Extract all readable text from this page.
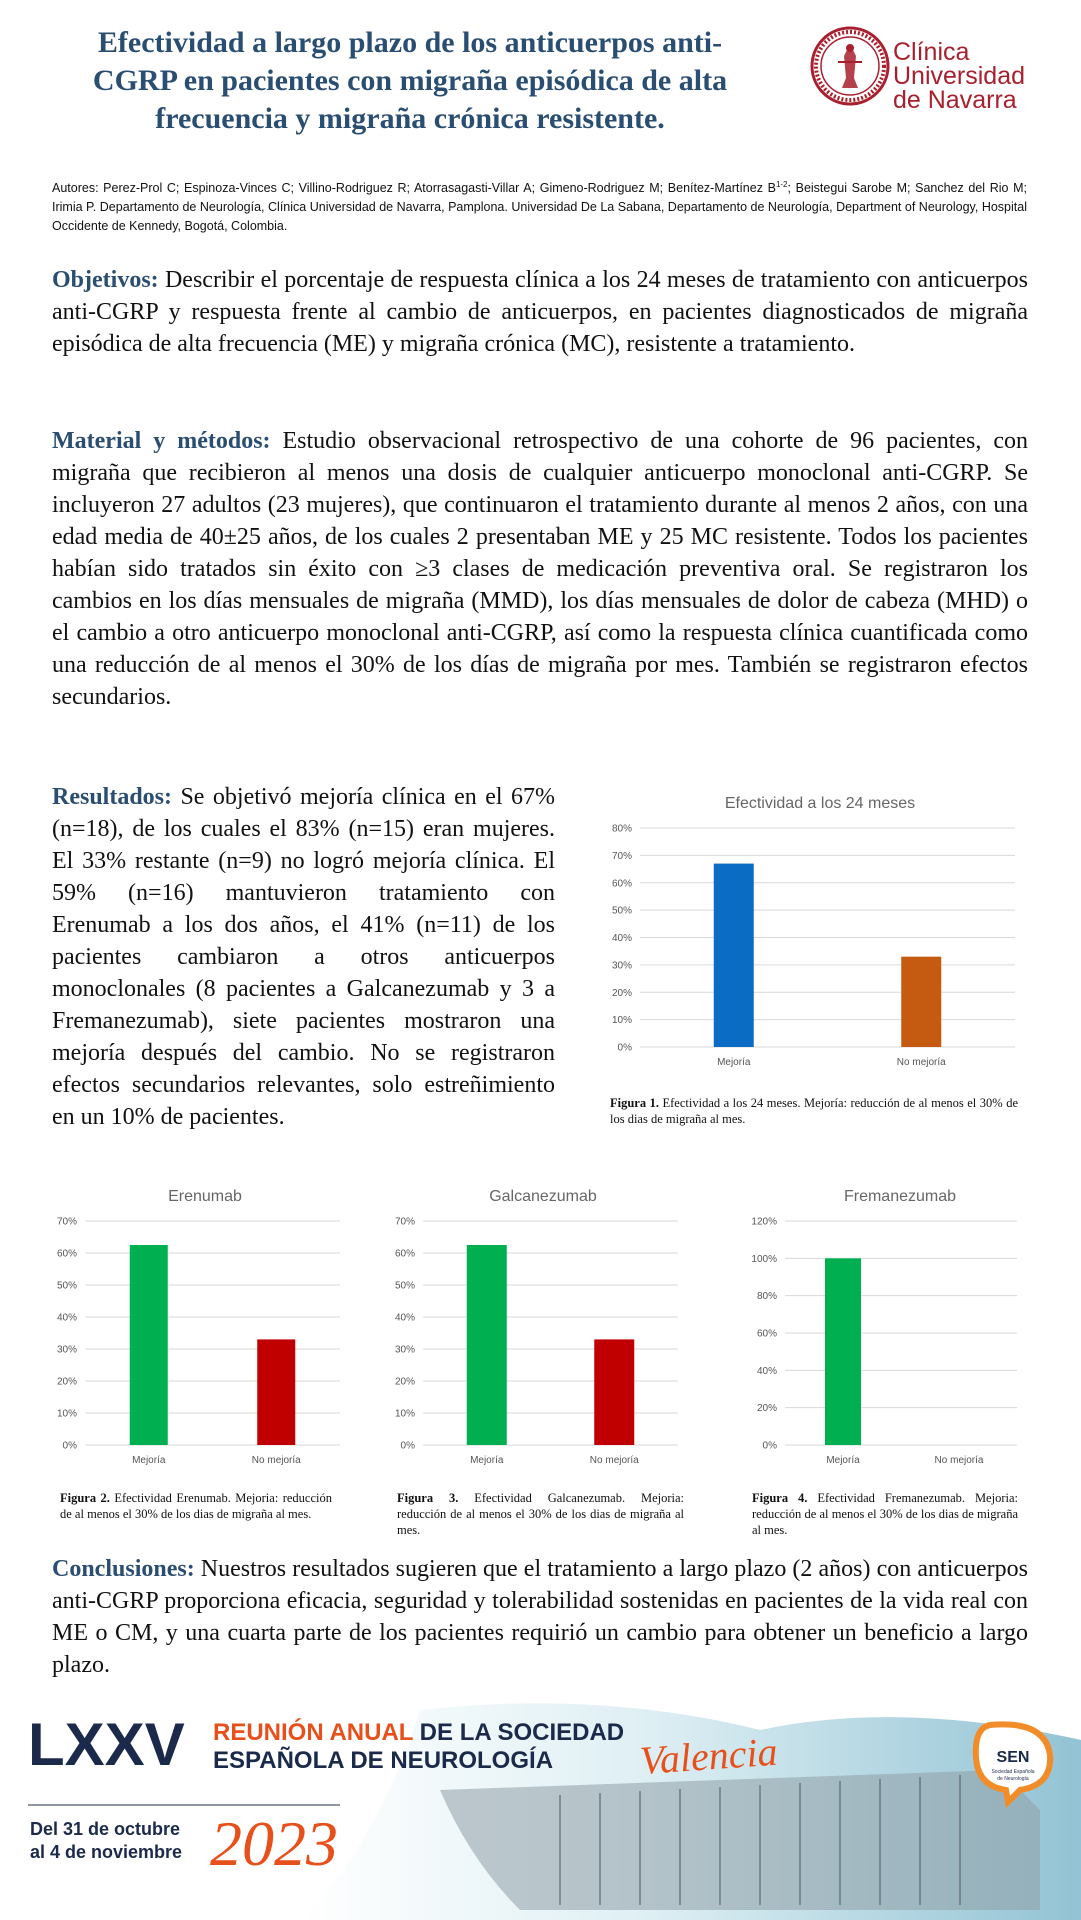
Efectividad a largo plazo de los anticuerpos anti-CGRP en pacientes con migraña episódica de alta frecuencia y migraña crónica resistente.
Clínica
Universidad
de Navarra
Autores: Perez-Prol C; Espinoza-Vinces C; Villino-Rodriguez R; Atorrasagasti-Villar A; Gimeno-Rodriguez M; Benítez-Martínez $B^{1-2}$; Beistegui Sarobe M; Sanchez del Rio M; Irimia P. Departamento de Neurología, Clínica Universidad de Navarra, Pamplona. Universidad De La Sabana, Departamento de Neurología, Department of Neurology, Hospital Occidente de Kennedy, Bogotá, Colombia.
Objetivos: Describir el porcentaje de respuesta clínica a los 24 meses de tratamiento con anticuerpos anti-CGRP y respuesta frente al cambio de anticuerpos, en pacientes diagnosticados de migraña episódica de alta frecuencia (ME) y migraña crónica (MC), resistente a tratamiento.
Material y métodos: Estudio observacional retrospectivo de una cohorte de 96 pacientes, con migraña que recibieron al menos una dosis de cualquier anticuerpo monoclonal anti-CGRP. Se incluyeron 27 adultos (23 mujeres), que continuaron el tratamiento durante al menos 2 años, con una edad media de 40±25 años, de los cuales 2 presentaban ME y 25 MC resistente. Todos los pacientes habían sido tratados sin éxito con ≥3 clases de medicación preventiva oral. Se registraron los cambios en los días mensuales de migraña (MMD), los días mensuales de dolor de cabeza (MHD) o el cambio a otro anticuerpo monoclonal anti-CGRP, así como la respuesta clínica cuantificada como una reducción de al menos el 30% de los días de migraña por mes. También se registraron efectos secundarios.
Resultados: Se objetivó mejoría clínica en el 67% (n=18), de los cuales el 83% (n=15) eran mujeres. El 33% restante (n=9) no logró mejoría clínica. El 59% (n=16) mantuvieron tratamiento con Erenumab a los dos años, el 41% (n=11) de los pacientes cambiaron a otros anticuerpos monoclonales (8 pacientes a Galcanezumab y 3 a Fremanezumab), siete pacientes mostraron una mejoría después del cambio. No se registraron efectos secundarios relevantes, solo estreñimiento en un 10% de pacientes.
Efectividad a los 24 meses
0%
10%
20%
30%
40%
50%
60%
70%
80%
Mejoría	No mejoría
Figura 1. Efectividad a los 24 meses. Mejoría: reducción de al menos el 30% de los dias de migraña al mes.
Erenumab
0%
10%
20%
30%
40%
50%
60%
70%
Mejoría	No mejoría
Figura 2. Efectividad Erenumab. Mejoria: reducción de al menos el 30% de los dias de migraña al mes.
Galcanezumab
0%
10%
20%
30%
40%
50%
60%
70%
Mejoría	No mejoría
Figura 3. Efectividad Galcanezumab. Mejoria: reducción de al menos el 30% de los dias de migraña al mes.
Fremanezumab
0%
20%
40%
60%
80%
100%
120%
Mejoría	No mejoría
Figura 4. Efectividad Fremanezumab. Mejoria: reducción de al menos el 30% de los dias de migraña al mes.
Conclusiones: Nuestros resultados sugieren que el tratamiento a largo plazo (2 años) con anticuerpos anti-CGRP proporciona eficacia, seguridad y tolerabilidad sostenidas en pacientes de la vida real con ME o CM, y una cuarta parte de los pacientes requirió un cambio para obtener un beneficio a largo plazo.
LXXV REUNIÓN ANUAL DE LA SOCIEDAD
ESPAÑOLA DE NEUROLOGÍA Valencia
Del 31 de octubre
al 4 de noviembre 2023
SEN
Sociedad Española
de Neurología
